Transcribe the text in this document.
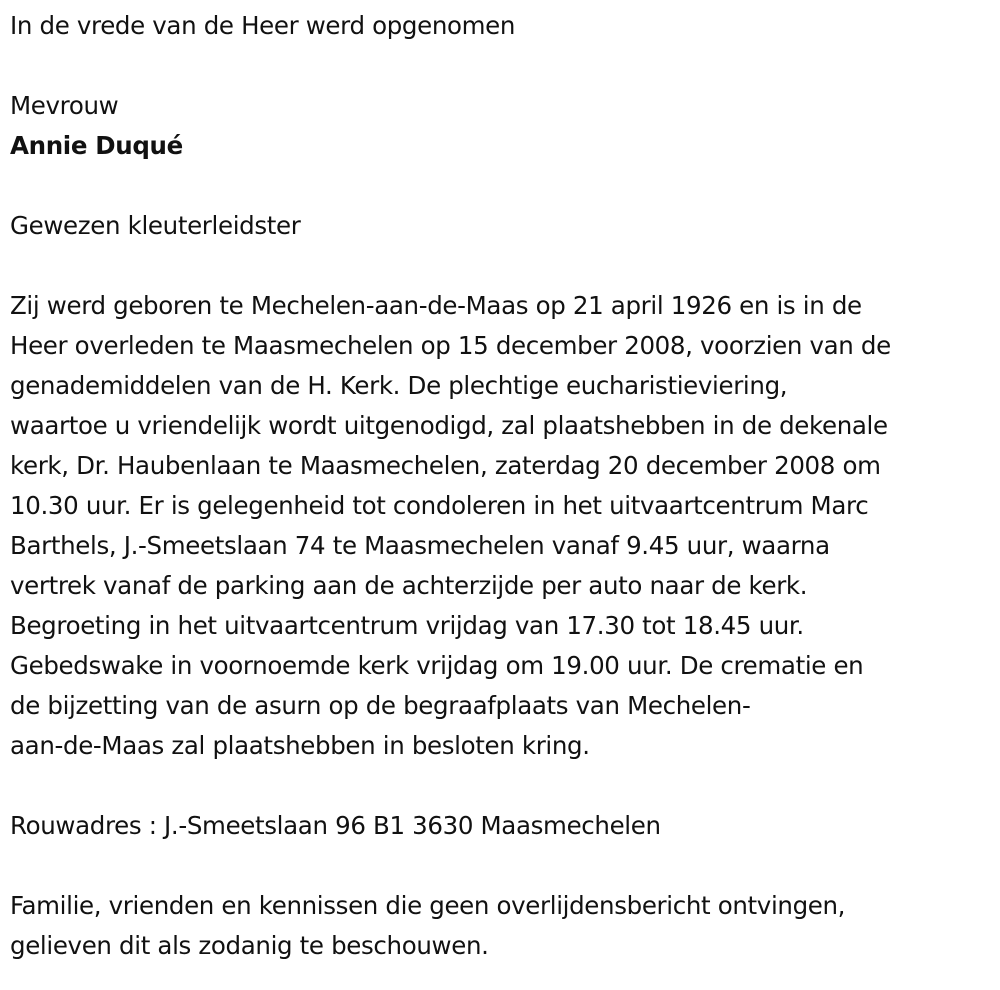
In de vrede van de Heer werd opgenomen
Mevrouw
Annie Duqué
Gewezen kleuterleidster
Zij werd geboren te Mechelen-aan-de-Maas op 21 april 1926 en is in de
Heer overleden te Maasmechelen op 15 december 2008, voorzien van de
genademiddelen van de H. Kerk. De plechtige eucharistieviering,
waartoe u vriendelijk wordt uitgenodigd, zal plaatshebben in de dekenale
kerk, Dr. Haubenlaan te Maasmechelen, zaterdag 20 december 2008 om
10.30 uur. Er is gelegenheid tot condoleren in het uitvaartcentrum Marc
Barthels, J.-Smeetslaan 74 te Maasmechelen vanaf 9.45 uur, waarna
vertrek vanaf de parking aan de achterzijde per auto naar de kerk.
Begroeting in het uitvaartcentrum vrijdag van 17.30 tot 18.45 uur.
Gebedswake in voornoemde kerk vrijdag om 19.00 uur. De crematie en
de bijzetting van de asurn op de begraafplaats van Mechelen-
aan-de-Maas zal plaatshebben in besloten kring.
Rouwadres : J.-Smeetslaan 96 B1 3630 Maasmechelen
Familie, vrienden en kennissen die geen overlijdensbericht ontvingen,
gelieven dit als zodanig te beschouwen.
